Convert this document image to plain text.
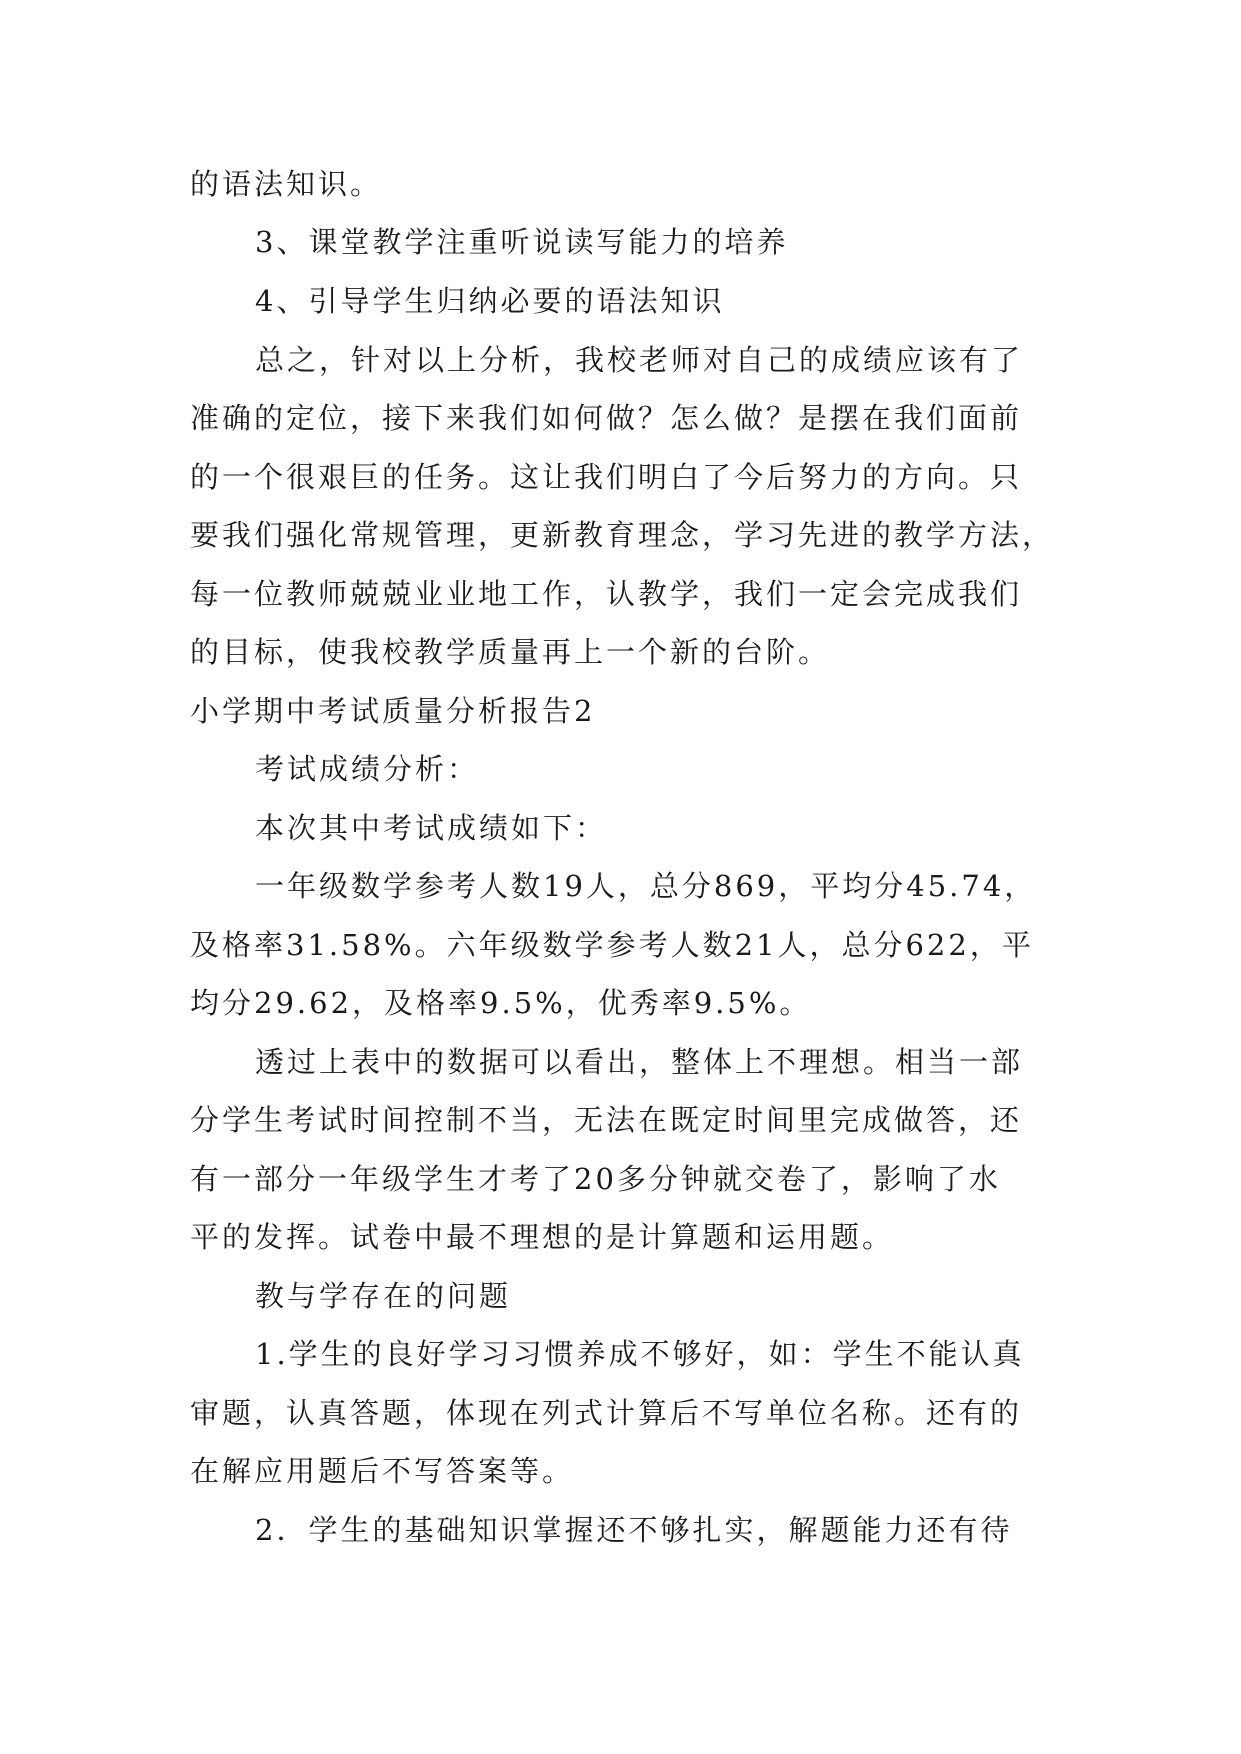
的语法知识。
3、课堂教学注重听说读写能力的培养
4、引导学生归纳必要的语法知识
总之，针对以上分析，我校老师对自己的成绩应该有了
准确的定位，接下来我们如何做？怎么做？是摆在我们面前
的一个很艰巨的任务。这让我们明白了今后努力的方向。只
要我们强化常规管理，更新教育理念，学习先进的教学方法，
每一位教师兢兢业业地工作，认教学，我们一定会完成我们
的目标，使我校教学质量再上一个新的台阶。
小学期中考试质量分析报告2
考试成绩分析：
本次其中考试成绩如下：
一年级数学参考人数19人，总分869，平均分45.74，
及格率31.58%。六年级数学参考人数21人，总分622，平
均分29.62，及格率9.5%，优秀率9.5%。
透过上表中的数据可以看出，整体上不理想。相当一部
分学生考试时间控制不当，无法在既定时间里完成做答，还
有一部分一年级学生才考了20多分钟就交卷了，影响了水
平的发挥。试卷中最不理想的是计算题和运用题。
教与学存在的问题
1.学生的良好学习习惯养成不够好，如：学生不能认真
审题，认真答题，体现在列式计算后不写单位名称。还有的
在解应用题后不写答案等。
2．学生的基础知识掌握还不够扎实，解题能力还有待
